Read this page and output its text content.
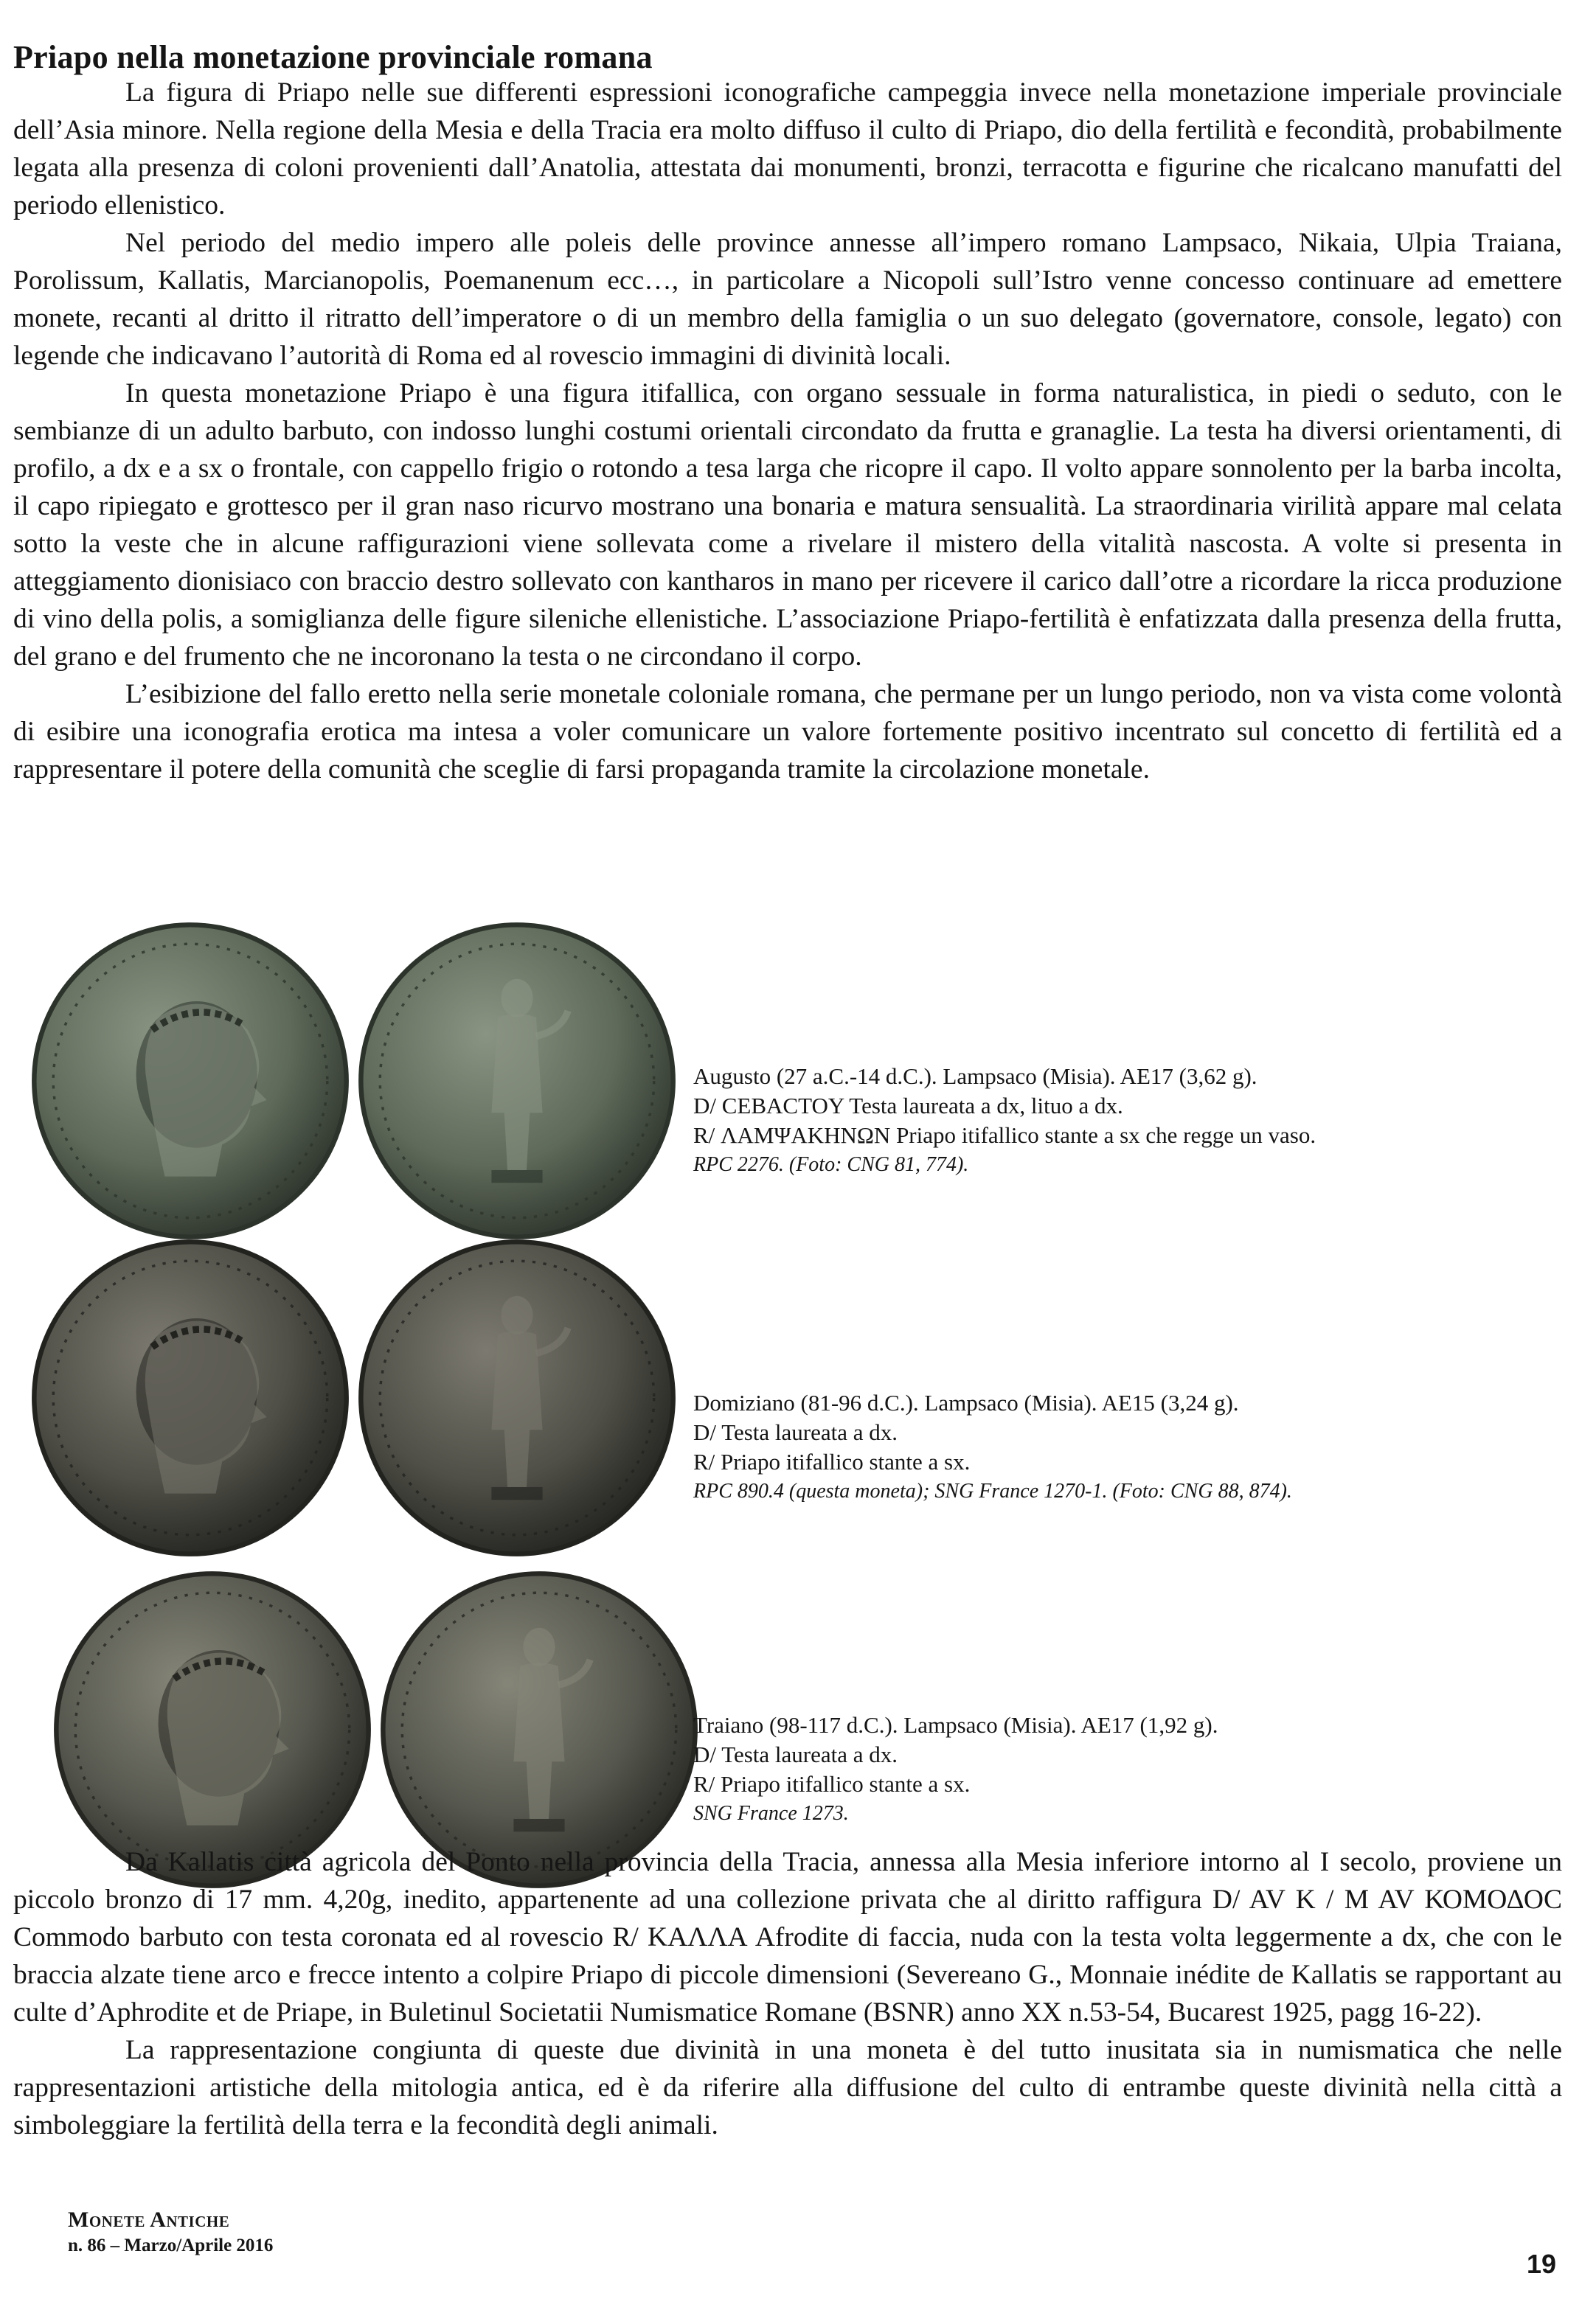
Priapo nella monetazione provinciale romana

La figura di Priapo nelle sue differenti espressioni iconografiche campeggia invece nella monetazione imperiale provinciale dell’Asia minore. Nella regione della Mesia e della Tracia era molto diffuso il culto di Priapo, dio della fertilità e fecondità, probabilmente legata alla presenza di coloni provenienti dall’Anatolia, attestata dai monumenti, bronzi, terracotta e figurine che ricalcano manufatti del periodo ellenistico.

Nel periodo del medio impero alle poleis delle province annesse all’impero romano Lampsaco, Nikaia, Ulpia Traiana, Porolissum, Kallatis, Marcianopolis, Poemanenum ecc…, in particolare a Nicopoli sull’Istro venne concesso continuare ad emettere monete, recanti al dritto il ritratto dell’imperatore o di un membro della famiglia o un suo delegato (governatore, console, legato) con legende che indicavano l’autorità di Roma ed al rovescio immagini di divinità locali.

In questa monetazione Priapo è una figura itifallica, con organo sessuale in forma naturalistica, in piedi o seduto, con le sembianze di un adulto barbuto, con indosso lunghi costumi orientali circondato da frutta e granaglie. La testa ha diversi orientamenti, di profilo, a dx e a sx o frontale, con cappello frigio o rotondo a tesa larga che ricopre il capo. Il volto appare sonnolento per la barba incolta, il capo ripiegato e grottesco per il gran naso ricurvo mostrano una bonaria e matura sensualità. La straordinaria virilità appare mal celata sotto la veste che in alcune raffigurazioni viene sollevata come a rivelare il mistero della vitalità nascosta. A volte si presenta in atteggiamento dionisiaco con braccio destro sollevato con kantharos in mano per ricevere il carico dall’otre a ricordare la ricca produzione di vino della polis, a somiglianza delle figure sileniche ellenistiche. L’associazione Priapo-fertilità è enfatizzata dalla presenza della frutta, del grano e del frumento che ne incoronano la testa o ne circondano il corpo.

L’esibizione del fallo eretto nella serie monetale coloniale romana, che permane per un lungo periodo, non va vista come volontà di esibire una iconografia erotica ma intesa a voler comunicare un valore fortemente positivo incentrato sul concetto di fertilità ed a rappresentare il potere della comunità che sceglie di farsi propaganda tramite la circolazione monetale.

Augusto (27 a.C.-14 d.C.). Lampsaco (Misia). AE17 (3,62 g).
D/ CEBACTOY Testa laureata a dx, lituo a dx.
R/ ΛΑΜΨΑΚΗΝΩΝ Priapo itifallico stante a sx che regge un vaso.
RPC 2276. (Foto: CNG 81, 774).
Domiziano (81-96 d.C.). Lampsaco (Misia). AE15 (3,24 g).
D/ Testa laureata a dx.
R/ Priapo itifallico stante a sx.
RPC 890.4 (questa moneta); SNG France 1270-1. (Foto: CNG 88, 874).
Traiano (98-117 d.C.). Lampsaco (Misia). AE17 (1,92 g).
D/ Testa laureata a dx.
R/ Priapo itifallico stante a sx.
SNG France 1273.

Da Kallatis città agricola del Ponto nella provincia della Tracia, annessa alla Mesia inferiore intorno al I secolo, proviene un piccolo bronzo di 17 mm. 4,20g, inedito, appartenente ad una collezione privata che al diritto raffigura D/ AV K / M AV ΚΟΜΟΔΟC Commodo barbuto con testa coronata ed al rovescio R/ ΚΑΛΛΑ Afrodite di faccia, nuda con la testa volta leggermente a dx, che con le braccia alzate tiene arco e frecce intento a colpire Priapo di piccole dimensioni (Severeano G., Monnaie inédite de Kallatis se rapportant au culte d’Aphrodite et de Priape, in Buletinul Societatii Numismatice Romane (BSNR) anno XX n.53-54, Bucarest 1925, pagg 16-22).

La rappresentazione congiunta di queste due divinità in una moneta è del tutto inusitata sia in numismatica che nelle rappresentazioni artistiche della mitologia antica, ed è da riferire alla diffusione del culto di entrambe queste divinità nella città a simboleggiare la fertilità della terra e la fecondità degli animali.

Monete Antiche
n. 86 – Marzo/Aprile 2016
19
